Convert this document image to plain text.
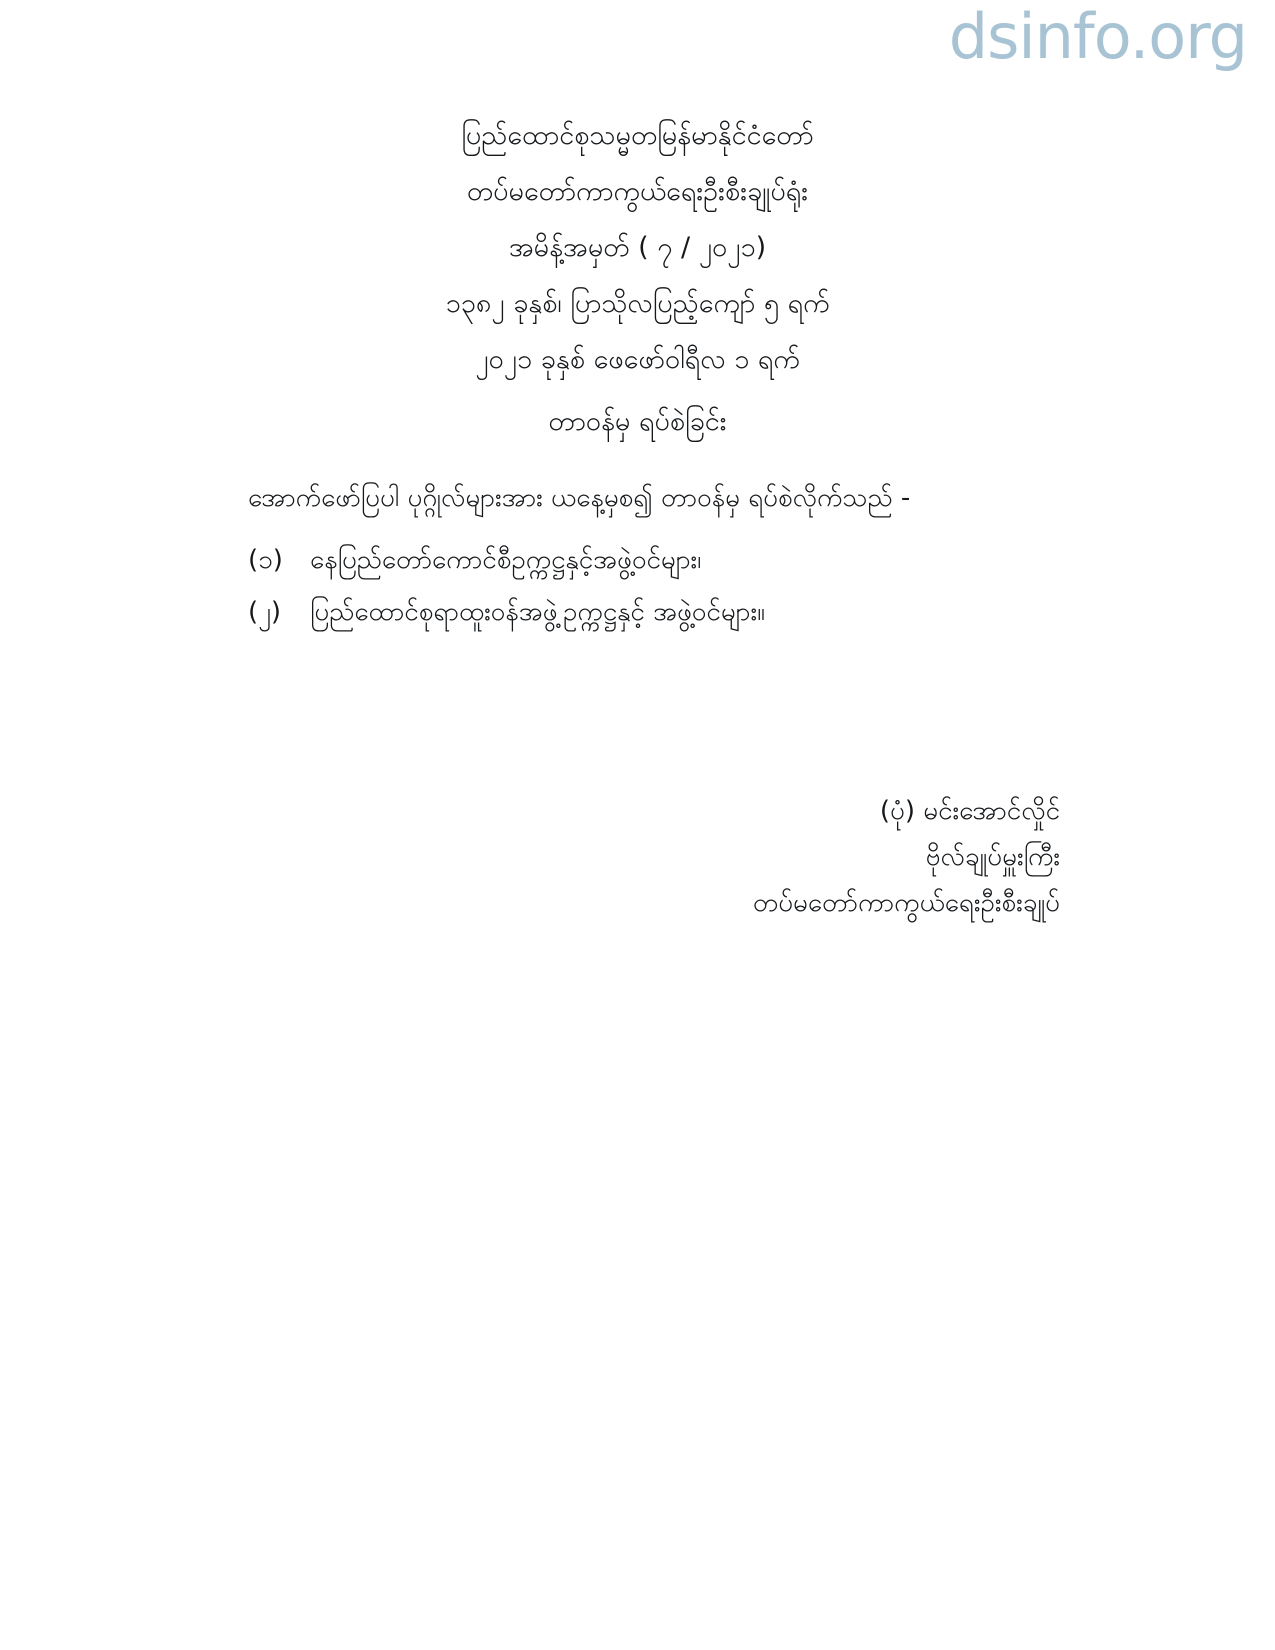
dsinfo.org
ပြည်ထောင်စုသမ္မတမြန်မာနိုင်ငံတော်
တပ်မတော်ကာကွယ်ရေးဦးစီးချုပ်ရုံး
အမိန့်အမှတ် ( ၇ / ၂၀၂၁)
၁၃၈၂ ခုနှစ်၊ ပြာသိုလပြည့်ကျော် ၅ ရက်
၂၀၂၁ ခုနှစ် ဖေဖော်ဝါရီလ ၁ ရက်
တာဝန်မှ ရပ်စဲခြင်း
အောက်ဖော်ပြပါ ပုဂ္ဂိုလ်များအား ယနေ့မှစ၍ တာဝန်မှ ရပ်စဲလိုက်သည် -
(၁)	နေပြည်တော်ကောင်စီဥက္ကဋ္ဌနှင့်အဖွဲ့ဝင်များ၊
(၂)	ပြည်ထောင်စုရာထူးဝန်အဖွဲ့ဥက္ကဋ္ဌနှင့် အဖွဲ့ဝင်များ။
(ပုံ) မင်းအောင်လှိုင်
ဗိုလ်ချုပ်မှူးကြီး
တပ်မတော်ကာကွယ်ရေးဦးစီးချုပ်
